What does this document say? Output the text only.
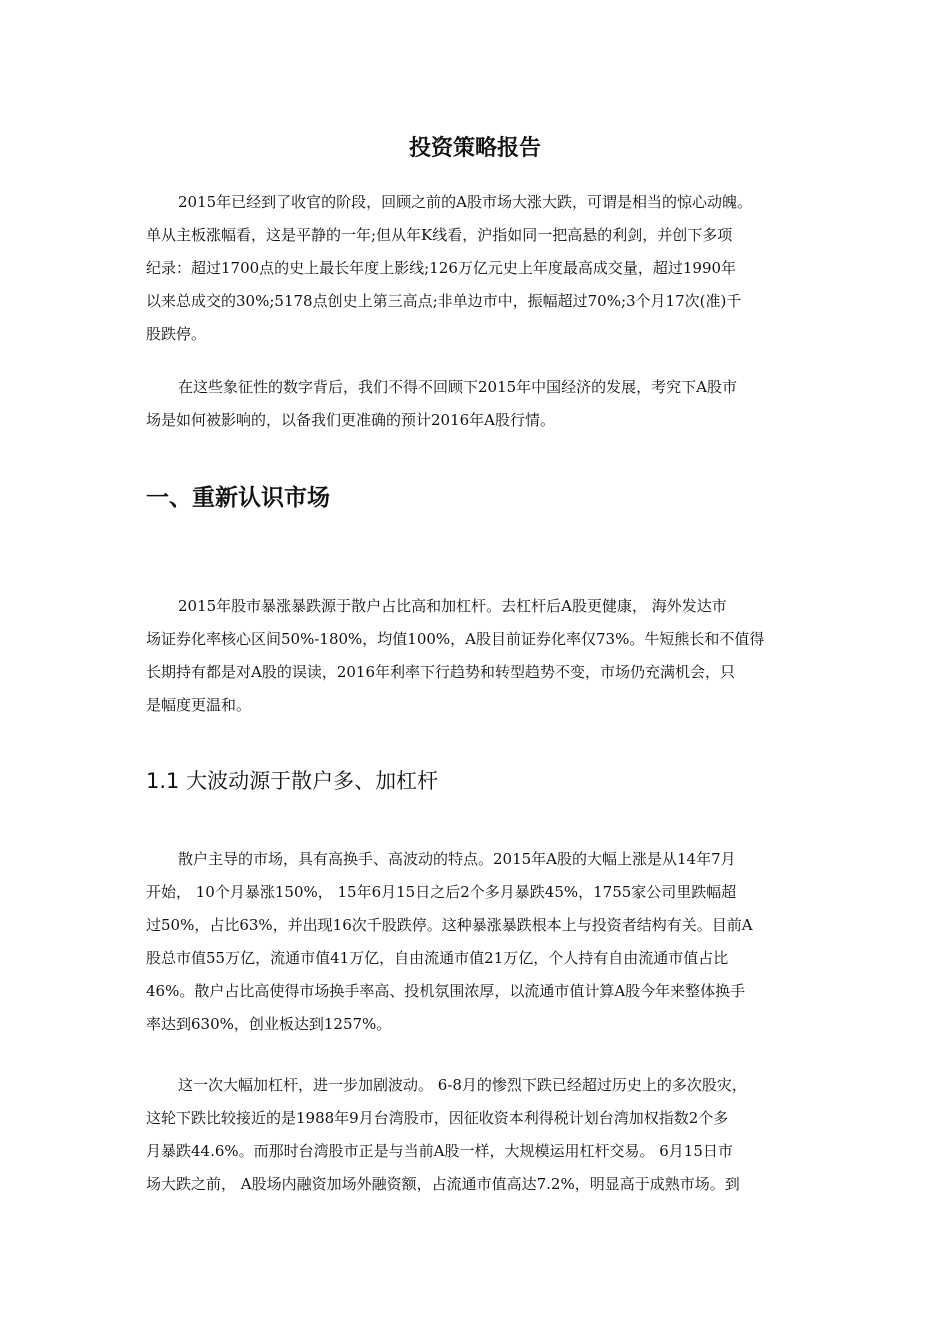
投资策略报告
2015年已经到了收官的阶段，回顾之前的A股市场大涨大跌，可谓是相当的惊心动魄。
单从主板涨幅看，这是平静的一年;但从年K线看，沪指如同一把高悬的利剑，并创下多项
纪录：超过1700点的史上最长年度上影线;126万亿元史上年度最高成交量，超过1990年
以来总成交的30%;5178点创史上第三高点;非单边市中，振幅超过70%;3个月17次(准)千
股跌停。
在这些象征性的数字背后，我们不得不回顾下2015年中国经济的发展，考究下A股市
场是如何被影响的，以备我们更准确的预计2016年A股行情。
一、重新认识市场
2015年股市暴涨暴跌源于散户占比高和加杠杆。去杠杆后A股更健康， 海外发达市
场证券化率核心区间50%-180%，均值100%，A股目前证券化率仅73%。牛短熊长和不值得
长期持有都是对A股的误读，2016年利率下行趋势和转型趋势不变，市场仍充满机会，只
是幅度更温和。
1.1 大波动源于散户多、加杠杆
散户主导的市场，具有高换手、高波动的特点。2015年A股的大幅上涨是从14年7月
开始， 10个月暴涨150%， 15年6月15日之后2个多月暴跌45%，1755家公司里跌幅超
过50%，占比63%，并出现16次千股跌停。这种暴涨暴跌根本上与投资者结构有关。目前A
股总市值55万亿，流通市值41万亿，自由流通市值21万亿，个人持有自由流通市值占比
46%。散户占比高使得市场换手率高、投机氛围浓厚，以流通市值计算A股今年来整体换手
率达到630%，创业板达到1257%。
这一次大幅加杠杆，进一步加剧波动。 6-8月的惨烈下跌已经超过历史上的多次股灾，
这轮下跌比较接近的是1988年9月台湾股市，因征收资本利得税计划台湾加权指数2个多
月暴跌44.6%。而那时台湾股市正是与当前A股一样，大规模运用杠杆交易。 6月15日市
场大跌之前， A股场内融资加场外融资额，占流通市值高达7.2%，明显高于成熟市场。到
